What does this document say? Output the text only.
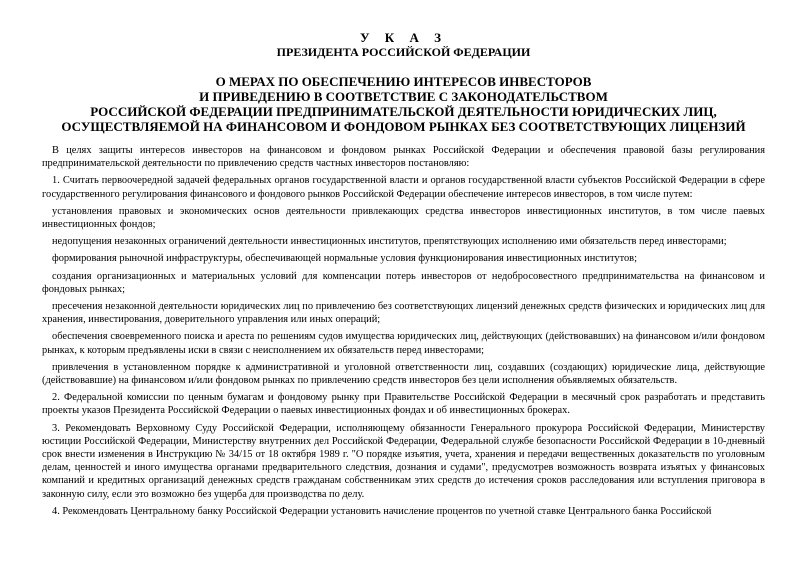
У К А З

ПРЕЗИДЕНТА РОССИЙСКОЙ ФЕДЕРАЦИИ

О МЕРАХ ПО ОБЕСПЕЧЕНИЮ ИНТЕРЕСОВ ИНВЕСТОРОВ
И ПРИВЕДЕНИЮ В СООТВЕТСТВИЕ С ЗАКОНОДАТЕЛЬСТВОМ
РОССИЙСКОЙ ФЕДЕРАЦИИ ПРЕДПРИНИМАТЕЛЬСКОЙ ДЕЯТЕЛЬНОСТИ ЮРИДИЧЕСКИХ ЛИЦ,
ОСУЩЕСТВЛЯЕМОЙ НА ФИНАНСОВОМ И ФОНДОВОМ РЫНКАХ БЕЗ СООТВЕТСТВУЮЩИХ ЛИЦЕНЗИЙ

В целях защиты интересов инвесторов на финансовом и фондовом рынках Российской Федерации и обеспечения правовой базы регулирования предпринимательской деятельности по привлечению средств частных инвесторов постановляю:

1. Считать первоочередной задачей федеральных органов государственной власти и органов государственной власти субъектов Российской Федерации в сфере государственного регулирования финансового и фондового рынков Российской Федерации обеспечение интересов инвесторов, в том числе путем:

установления правовых и экономических основ деятельности привлекающих средства инвесторов инвестиционных институтов, в том числе паевых инвестиционных фондов;

недопущения незаконных ограничений деятельности инвестиционных институтов, препятствующих исполнению ими обязательств перед инвесторами;

формирования рыночной инфраструктуры, обеспечивающей нормальные условия функционирования инвестиционных институтов;

создания организационных и материальных условий для компенсации потерь инвесторов от недобросовестного предпринимательства на финансовом и фондовых рынках;

пресечения незаконной деятельности юридических лиц по привлечению без соответствующих лицензий денежных средств физических и юридических лиц для хранения, инвестирования, доверительного управления или иных операций;

обеспечения своевременного поиска и ареста по решениям судов имущества юридических лиц, действующих (действовавших) на финансовом и/или фондовом рынках, к которым предъявлены иски в связи с неисполнением их обязательств перед инвесторами;

привлечения в установленном порядке к административной и уголовной ответственности лиц, создавших (создающих) юридические лица, действующие (действовавшие) на финансовом и/или фондовом рынках по привлечению средств инвесторов без цели исполнения объявляемых обязательств.

2. Федеральной комиссии по ценным бумагам и фондовому рынку при Правительстве Российской Федерации в месячный срок разработать и представить проекты указов Президента Российской Федерации о паевых инвестиционных фондах и об инвестиционных брокерах.

3. Рекомендовать Верховному Суду Российской Федерации, исполняющему обязанности Генерального прокурора Российской Федерации, Министерству юстиции Российской Федерации, Министерству внутренних дел Российской Федерации, Федеральной службе безопасности Российской Федерации в 10-дневный срок внести изменения в Инструкцию № 34/15 от 18 октября 1989 г. "О порядке изъятия, учета, хранения и передачи вещественных доказательств по уголовным делам, ценностей и иного имущества органами предварительного следствия, дознания и судами", предусмотрев возможность возврата изъятых у финансовых компаний и кредитных организаций денежных средств гражданам собственникам этих средств до истечения сроков расследования или вступления приговора в законную силу, если это возможно без ущерба для производства по делу.

4. Рекомендовать Центральному банку Российской Федерации установить начисление процентов по учетной ставке Центрального банка Российской
